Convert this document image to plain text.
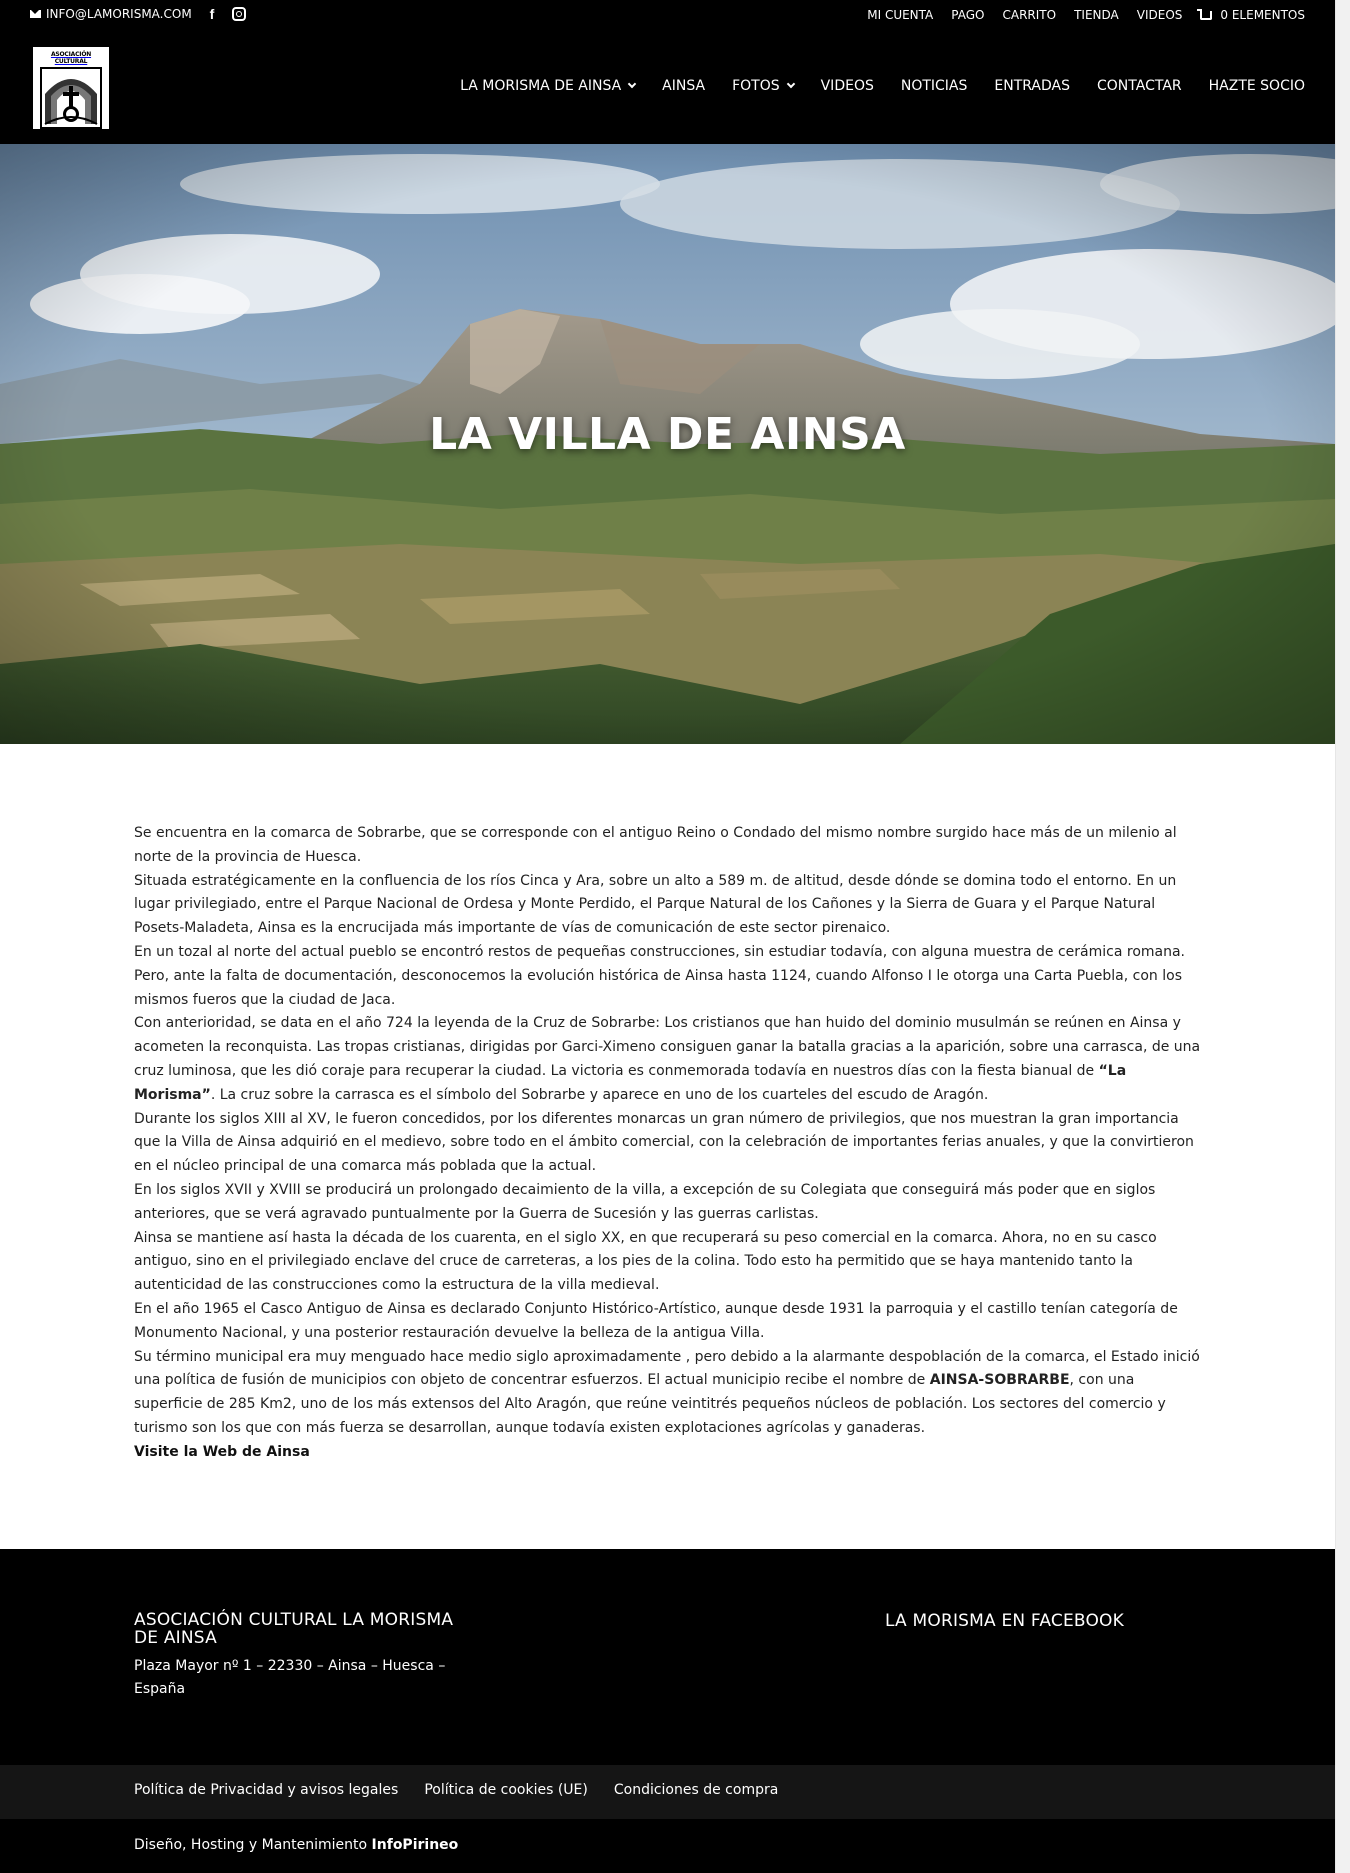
INFO@LAMORISMA.COM f	MI CUENTA PAGO CARRITO TIENDA VIDEOS	0 ELEMENTOS
ASOCIACIÓN CULTURAL
LA MORISMA DE AINSA	AINSA FOTOS	VIDEOS NOTICIAS ENTRADAS CONTACTAR HAZTE SOCIO
LA VILLA DE AINSA

Se encuentra en la comarca de Sobrarbe, que se corresponde con el antiguo Reino o Condado del mismo nombre surgido hace más de un milenio al norte de la provincia de Huesca.

Situada estratégicamente en la confluencia de los ríos Cinca y Ara, sobre un alto a 589 m. de altitud, desde dónde se domina todo el entorno. En un lugar privilegiado, entre el Parque Nacional de Ordesa y Monte Perdido, el Parque Natural de los Cañones y la Sierra de Guara y el Parque Natural Posets-Maladeta, Ainsa es la encrucijada más importante de vías de comunicación de este sector pirenaico.

En un tozal al norte del actual pueblo se encontró restos de pequeñas construcciones, sin estudiar todavía, con alguna muestra de cerámica romana. Pero, ante la falta de documentación, desconocemos la evolución histórica de Ainsa hasta 1124, cuando Alfonso I le otorga una Carta Puebla, con los mismos fueros que la ciudad de Jaca.

Con anterioridad, se data en el año 724 la leyenda de la Cruz de Sobrarbe: Los cristianos que han huido del dominio musulmán se reúnen en Ainsa y acometen la reconquista. Las tropas cristianas, dirigidas por Garci-Ximeno consiguen ganar la batalla gracias a la aparición, sobre una carrasca, de una cruz luminosa, que les dió coraje para recuperar la ciudad. La victoria es conmemorada todavía en nuestros días con la fiesta bianual de “La Morisma”. La cruz sobre la carrasca es el símbolo del Sobrarbe y aparece en uno de los cuarteles del escudo de Aragón.

Durante los siglos XIII al XV, le fueron concedidos, por los diferentes monarcas un gran número de privilegios, que nos muestran la gran importancia que la Villa de Ainsa adquirió en el medievo, sobre todo en el ámbito comercial, con la celebración de importantes ferias anuales, y que la convirtieron en el núcleo principal de una comarca más poblada que la actual.

En los siglos XVII y XVIII se producirá un prolongado decaimiento de la villa, a excepción de su Colegiata que conseguirá más poder que en siglos anteriores, que se verá agravado puntualmente por la Guerra de Sucesión y las guerras carlistas.

Ainsa se mantiene así hasta la década de los cuarenta, en el siglo XX, en que recuperará su peso comercial en la comarca. Ahora, no en su casco antiguo, sino en el privilegiado enclave del cruce de carreteras, a los pies de la colina. Todo esto ha permitido que se haya mantenido tanto la autenticidad de las construcciones como la estructura de la villa medieval.

En el año 1965 el Casco Antiguo de Ainsa es declarado Conjunto Histórico-Artístico, aunque desde 1931 la parroquia y el castillo tenían categoría de Monumento Nacional, y una posterior restauración devuelve la belleza de la antigua Villa.

Su término municipal era muy menguado hace medio siglo aproximadamente , pero debido a la alarmante despoblación de la comarca, el Estado inició una política de fusión de municipios con objeto de concentrar esfuerzos. El actual municipio recibe el nombre de AINSA-SOBRARBE, con una superficie de 285 Km2, uno de los más extensos del Alto Aragón, que reúne veintitrés pequeños núcleos de población. Los sectores del comercio y turismo son los que con más fuerza se desarrollan, aunque todavía existen explotaciones agrícolas y ganaderas.

Visite la Web de Ainsa

ASOCIACIÓN CULTURAL LA MORISMA DE AINSA

Plaza Mayor nº 1 – 22330 – Ainsa – Huesca – España

LA MORISMA EN FACEBOOK
Política de Privacidad y avisos legales Política de cookies (UE) Condiciones de compra
Diseño, Hosting y Mantenimiento InfoPirineo
